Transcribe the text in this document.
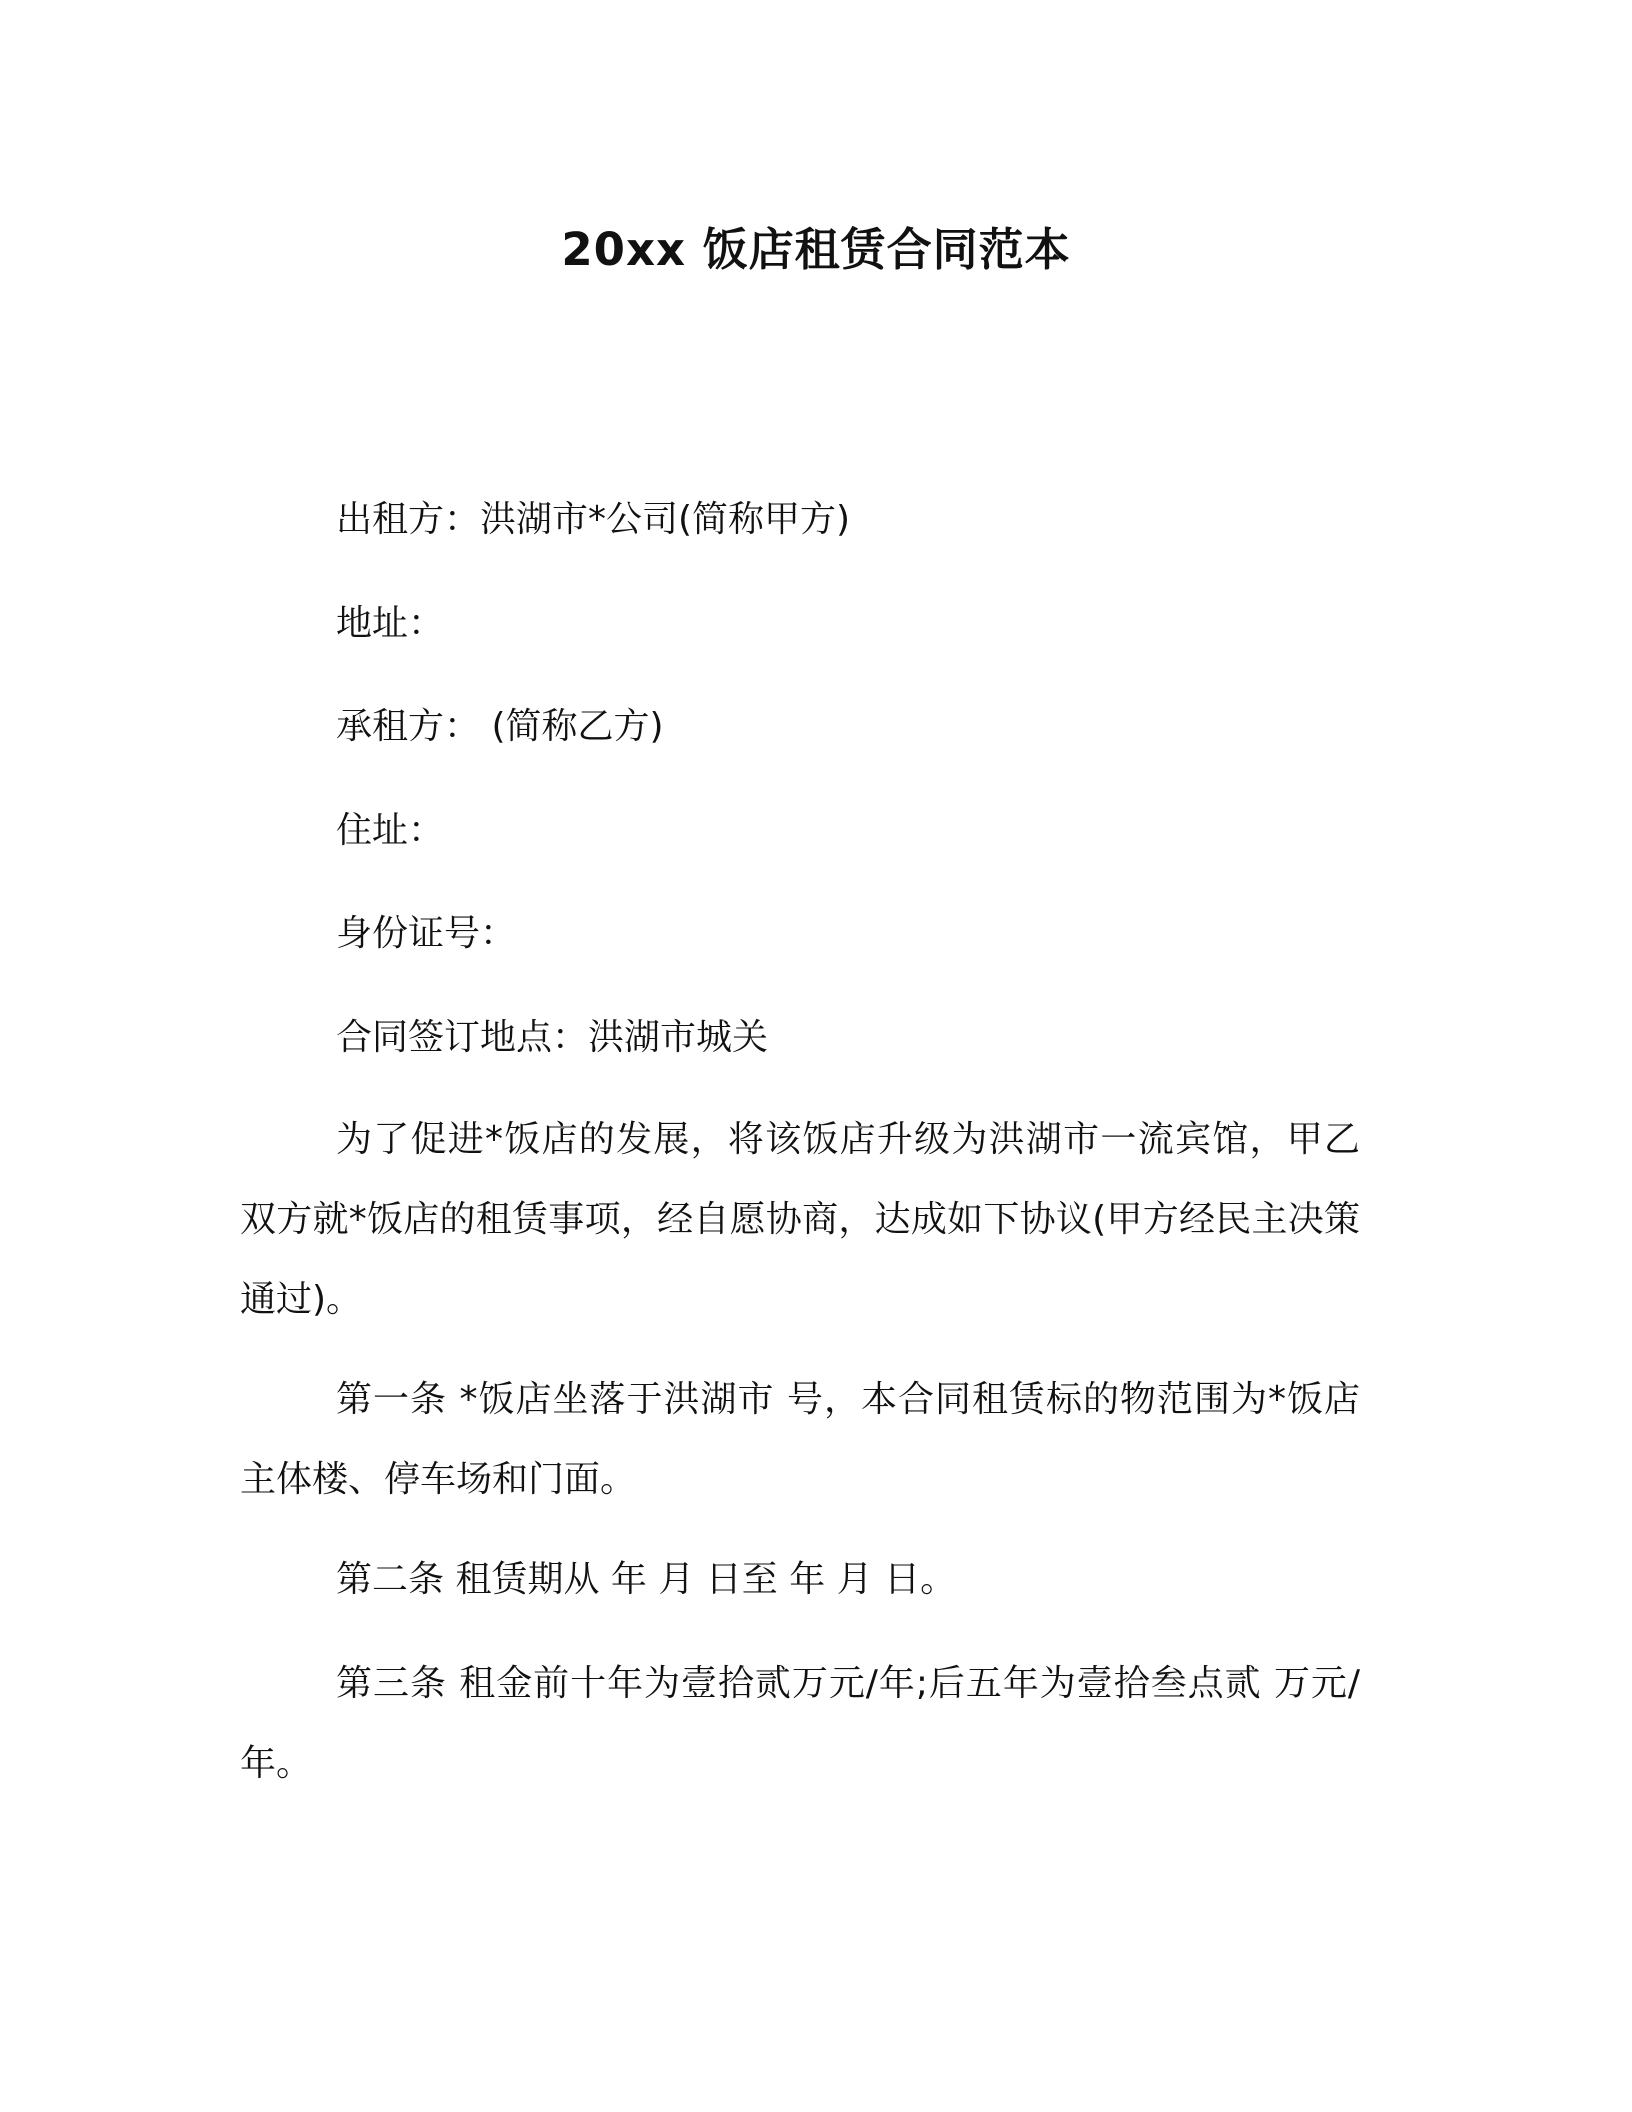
20xx 饭店租赁合同范本
出租方：洪湖市*公司(简称甲方)
地址：
承租方： (简称乙方)
住址：
身份证号：
合同签订地点：洪湖市城关
为了促进*饭店的发展，将该饭店升级为洪湖市一流宾馆，甲乙双方就*饭店的租赁事项，经自愿协商，达成如下协议(甲方经民主决策通过)。
第一条 *饭店坐落于洪湖市 号，本合同租赁标的物范围为*饭店主体楼、停车场和门面。
第二条 租赁期从 年 月 日至 年 月 日。
第三条 租金前十年为壹拾贰万元/年;后五年为壹拾叁点贰 万元/年。
